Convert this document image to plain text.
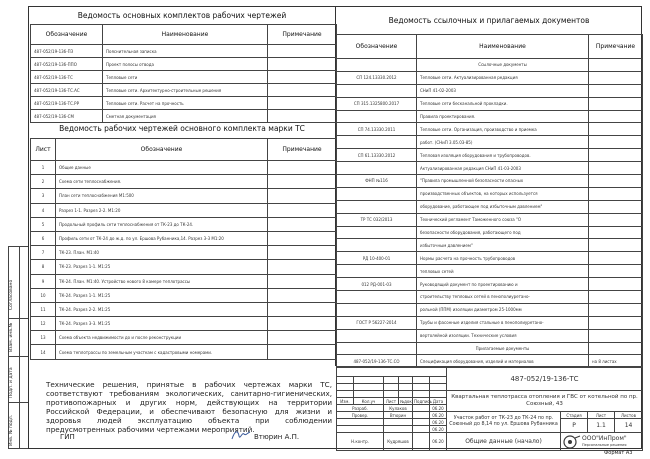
Согласовано
Взам. инв.№
Подп. и дата
Инв. № подл.
Ведомость основных комплектов рабочих чертежей
Обозначение	Наименование	Примечание
487-052/19-136-ПЗ	Пояснительная записка	
487-052/19-136-ППО	Проект полосы отвода	
487-052/19-136-ТС	Тепловые сети	
487-052/19-136-ТС.АС	Тепловые сети. Архитектурно-строительные решения	
487-052/19-136-ТС.РР	Тепловые сети. Расчет на прочность	
487-052/19-136-СМ	Сметная документация	
Ведомость рабочих чертежей основного комплекта марки ТС
Лист	Обозначение	Примечание
1	Общие данные	
2	Схема сети теплоснабжения.	
3	План сети теплоснабжения М1:500	
4	Разрез 1-1. Разрез 2-2. М1:20	
5	Продольный профиль сети теплоснабжения от ТК-23 до ТК-24.	
6	Профиль сети от ТК-24 до ж.д. по ул. Ершова Рубанника,14. Разрез 3-3 М1:20	
7	ТК-23. План. М1:40	
8	ТК-23. Разрез 1-1. М1:25	
9	ТК-24. План. М1:40. Устройство нового 8 камере теплотрассы	
10	ТК-24. Разрез 1-1. М1:25	
11	ТК-24. Разрез 2-2. М1:25	
12	ТК-24. Разрез 3-3. М1:25	
13	Схема объекта недвижимости до и после реконструкции	
14	Схема теплотрассы по земельным участкам с кадастровыми номерами.	
Ведомость ссылочных и прилагаемых документов
Обозначение	Наименование	Примечание
	Ссылочные документы	
СП 124.13330.2012	Тепловые сети. Актуализированная редакция	
	СНиП 41-02-2003	
СП 315.1325800.2017	Тепловые сети бесканальной прокладки.	
	Правила проектирования.	
СП 74.13330.2011	Тепловые сети. Организация, производство и приемка	
	работ. (СНиП 3.05.03-85)	
СП 61.13330.2012	Тепловая изоляция оборудования и трубопроводов.	
	Актуализированная редакция СНиП 41-03-2003	
ФНП №116	"Правила промышленной безопасности опасных	
	производственных объектов, на которых используется	
	оборудование, работающее под избыточным давлением"	
ТР ТС 032/2013	Технический регламент Таможенного союза "О	
	безопасности оборудования, работающего под	
	избыточным давлением"	
РД 10-400-01	Нормы расчета на прочность трубопроводов	
	тепловых сетей	
012 РД-001-03	Руководящий документ по проектированию и	
	строительству тепловых сетей в пенополиуретано-	
	рольной (ППМ) изоляции диаметром 25-1000мм	
ГОСТ Р 56227-2014	Трубы и фасонные изделия стальные в пенополиуретано-	
	вертолейной изоляции. Технические условия	
	Прилагаемые документы	
487-052/19-136-ТС.СО	Спецификация оборудования, изделий и материалов	на 8 листах
Технические решения, принятые в рабочих чертежах марки ТС, соответствуют требованиям экологических, санитарно-гигиенических, противопожарных и других норм, действующих на территории Российской Федерации, и обеспечивают безопасную для жизни и здоровья людей эксплуатацию объекта при соблюдении предусмотренных рабочими чертежами мероприятий.
ГИП	Втюрин А.П.
						487-052/19-136-ТС			

						Квартальная теплотрасса отопления и ГВС от котельной по пр. Союзный, 43			
Изм.	Кол.уч	Лист	№док	Подпись	Дата				
Разраб.		Кулаков			06.20				
Провер.		Втюрин			06.20	Участок работ от ТК-23 до ТК-24 по пр. Союзный до 8,14 по ул. Ершова Рубанника	Стадия	Лист	Листов
					06.20		Р	1.1	14
					06.20				
Н.контр.		Кудряшов			06.20	Общие данные (начало)	ООО"ИнПром"
Персональные решения		
Формат А3
